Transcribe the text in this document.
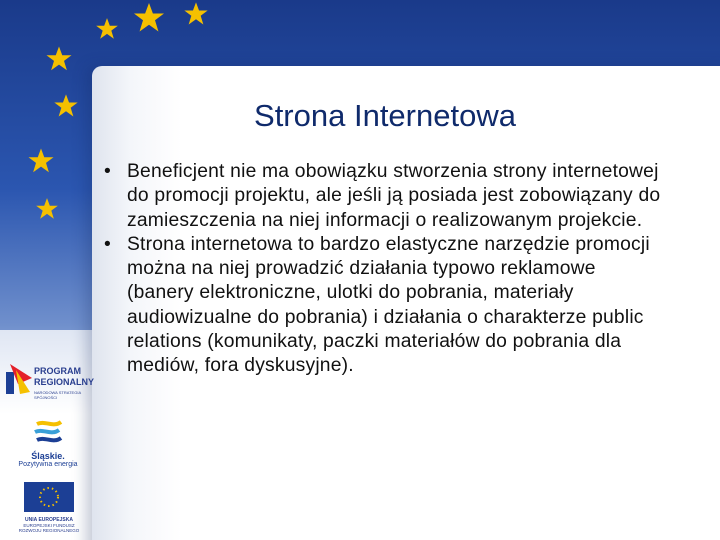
Strona Internetowa
• Beneficjent nie ma obowiązku stworzenia strony internetowej do promocji projektu, ale jeśli ją posiada jest zobowiązany do zamieszczenia na niej informacji o realizowanym projekcie.
• Strona internetowa to bardzo elastyczne narzędzie promocji można na niej prowadzić działania typowo reklamowe (banery elektroniczne, ulotki do pobrania, materiały audiowizualne do pobrania) i działania o charakterze public relations (komunikaty, paczki materiałów do pobrania dla mediów, fora dyskusyjne).
PROGRAM
REGIONALNY
NARODOWA STRATEGIA SPÓJNOŚCI
Śląskie.
Pozytywna energia
UNIA EUROPEJSKA
EUROPEJSKI FUNDUSZ
ROZWOJU REGIONALNEGO
